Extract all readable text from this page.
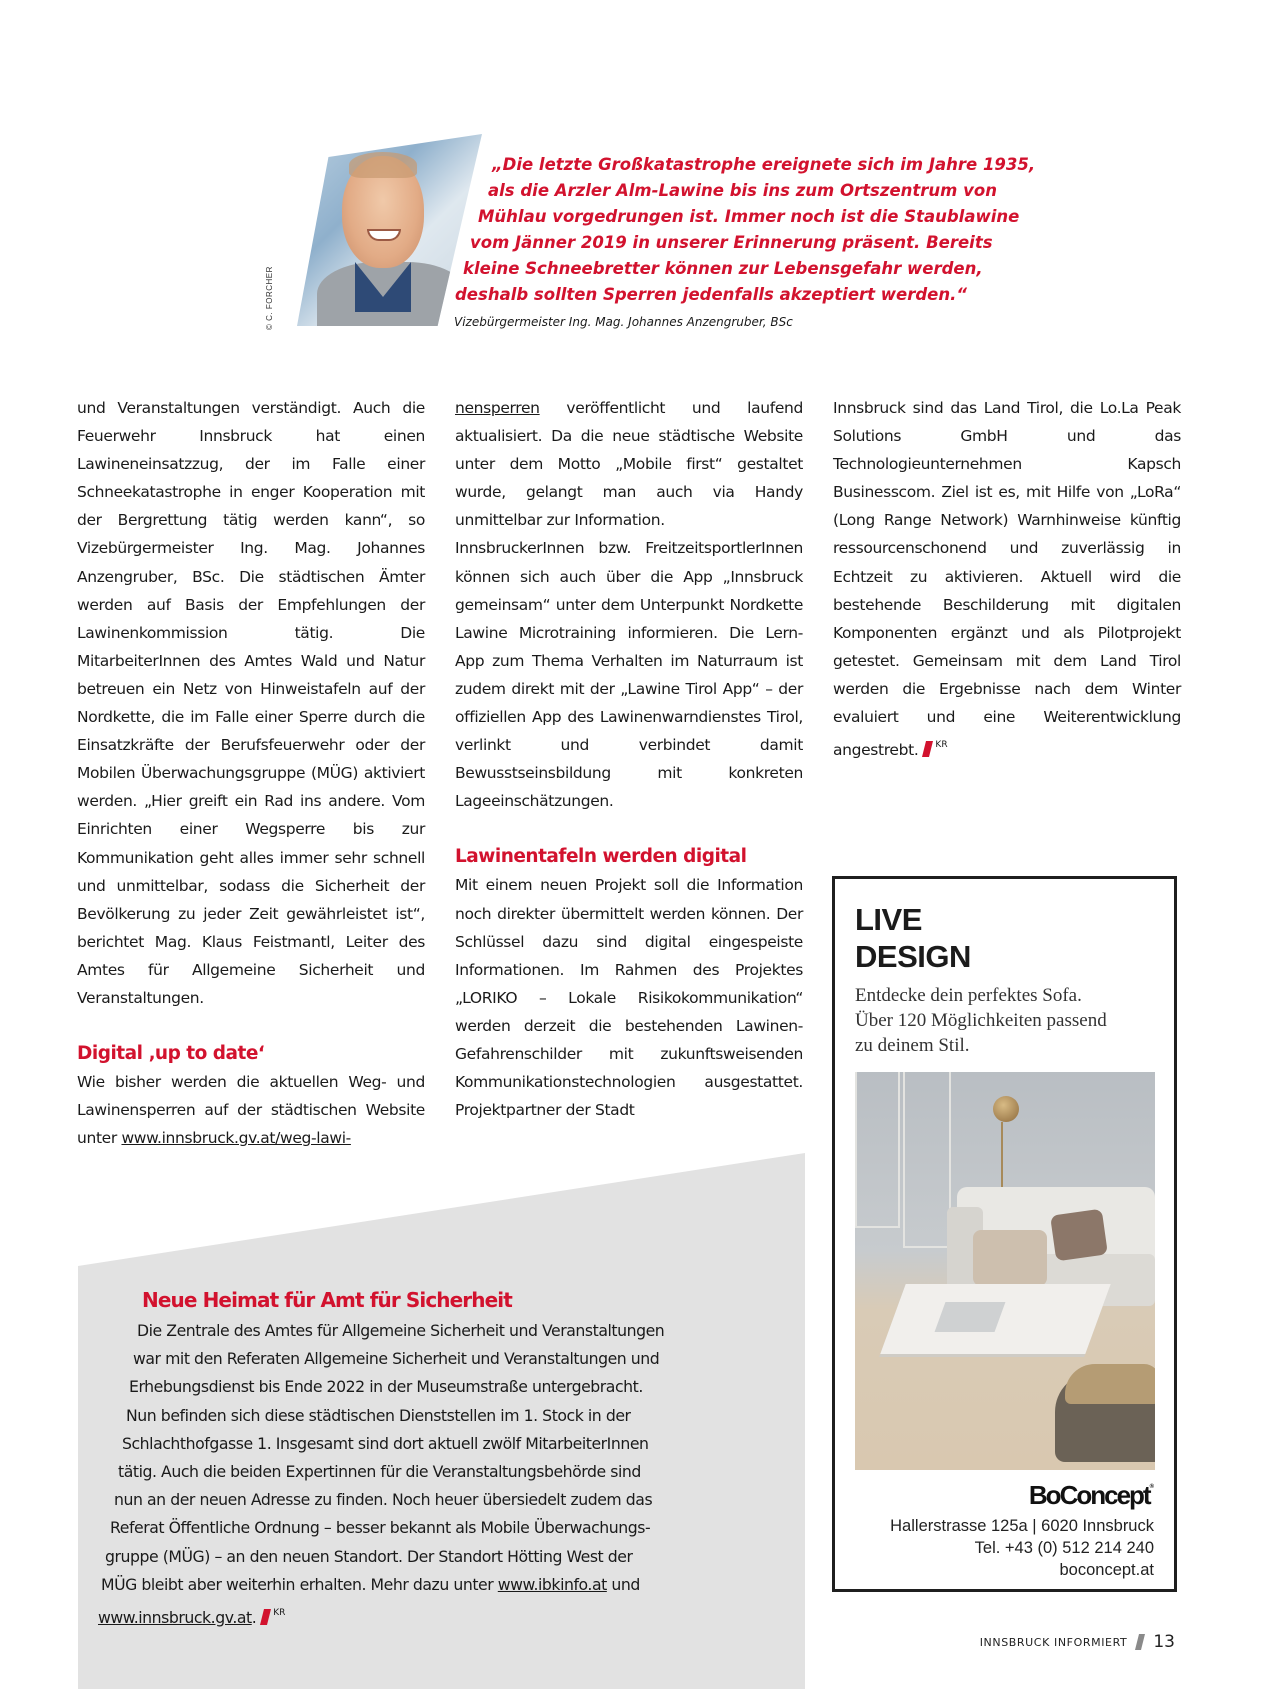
© C. FORCHER
„Die letzte Großkatastrophe ereignete sich im Jahre 1935,
als die Arzler Alm-Lawine bis ins zum Ortszentrum von
Mühlau vorgedrungen ist. Immer noch ist die Staublawine
vom Jänner 2019 in unserer Erinnerung präsent. Bereits
kleine Schneebretter können zur Lebensgefahr werden,
deshalb sollten Sperren jedenfalls akzeptiert werden.“
Vizebürgermeister Ing. Mag. Johannes Anzengruber, BSc

und Veranstaltungen verständigt. Auch die Feuerwehr Innsbruck hat einen Lawineneinsatzzug, der im Falle einer Schneekatastrophe in enger Kooperation mit der Bergrettung tätig werden kann“, so Vizebürgermeister Ing. Mag. Johannes Anzengruber, BSc. Die städtischen Ämter werden auf Basis der Empfehlungen der Lawinenkommission tätig. Die MitarbeiterInnen des Amtes Wald und Natur betreuen ein Netz von Hinweistafeln auf der Nordkette, die im Falle einer Sperre durch die Einsatzkräfte der Berufsfeuerwehr oder der Mobilen Überwachungsgruppe (MÜG) aktiviert werden. „Hier greift ein Rad ins andere. Vom Einrichten einer Wegsperre bis zur Kommunikation geht alles immer sehr schnell und unmittelbar, sodass die Sicherheit der Bevölkerung zu jeder Zeit gewährleistet ist“, berichtet Mag. Klaus Feistmantl, Leiter des Amtes für Allgemeine Sicherheit und Veranstaltungen.

Digital ‚up to date‘

Wie bisher werden die aktuellen Weg- und Lawinensperren auf der städtischen Website unter www.innsbruck.gv.at/weg-lawi-

nensperren veröffentlicht und laufend aktualisiert. Da die neue städtische Website unter dem Motto „Mobile first“ gestaltet wurde, gelangt man auch via Handy unmittelbar zur Information.

InnsbruckerInnen bzw. FreitzeitsportlerInnen können sich auch über die App „Innsbruck gemeinsam“ unter dem Unterpunkt Nordkette Lawine Microtraining informieren. Die Lern-App zum Thema Verhalten im Naturraum ist zudem direkt mit der „Lawine Tirol App“ – der offiziellen App des Lawinenwarndienstes Tirol, verlinkt und verbindet damit Bewusstseinsbildung mit konkreten Lageeinschätzungen.

Lawinentafeln werden digital

Mit einem neuen Projekt soll die Information noch direkter übermittelt werden können. Der Schlüssel dazu sind digital eingespeiste Informationen. Im Rahmen des Projektes „LORIKO – Lokale Risikokommunikation“ werden derzeit die bestehenden Lawinen-Gefahrenschilder mit zukunftsweisenden Kommunikationstechnologien ausgestattet. Projektpartner der Stadt

Innsbruck sind das Land Tirol, die Lo.La Peak Solutions GmbH und das Technologieunternehmen Kapsch Businesscom. Ziel ist es, mit Hilfe von „LoRa“ (Long Range Network) Warnhinweise künftig ressourcenschonend und zuverlässig in Echtzeit zu aktivieren. Aktuell wird die bestehende Beschilderung mit digitalen Komponenten ergänzt und als Pilotprojekt getestet. Gemeinsam mit dem Land Tirol werden die Ergebnisse nach dem Winter evaluiert und eine Weiterentwicklung angestrebt. $^{KR}$

Neue Heimat für Amt für Sicherheit
Die Zentrale des Amtes für Allgemeine Sicherheit und Veranstaltungen
war mit den Referaten Allgemeine Sicherheit und Veranstaltungen und
Erhebungsdienst bis Ende 2022 in der Museumstraße untergebracht.
Nun befinden sich diese städtischen Dienststellen im 1. Stock in der
Schlachthofgasse 1. Insgesamt sind dort aktuell zwölf MitarbeiterInnen
tätig. Auch die beiden Expertinnen für die Veranstaltungsbehörde sind
nun an der neuen Adresse zu finden. Noch heuer übersiedelt zudem das
Referat Öffentliche Ordnung – besser bekannt als Mobile Überwachungs-
gruppe (MÜG) – an den neuen Standort. Der Standort Hötting West der
MÜG bleibt aber weiterhin erhalten. Mehr dazu unter www.ibkinfo.at und
www.innsbruck.gv.at. $^{KR}$
LIVE
DESIGN
Entdecke dein perfektes Sofa.
Über 120 Möglichkeiten passend
zu deinem Stil.
BoConcept®
Hallerstrasse 125a | 6020 Innsbruck
Tel. +43 (0) 512 214 240
boconcept.at
INNSBRUCK INFORMIERT 13
